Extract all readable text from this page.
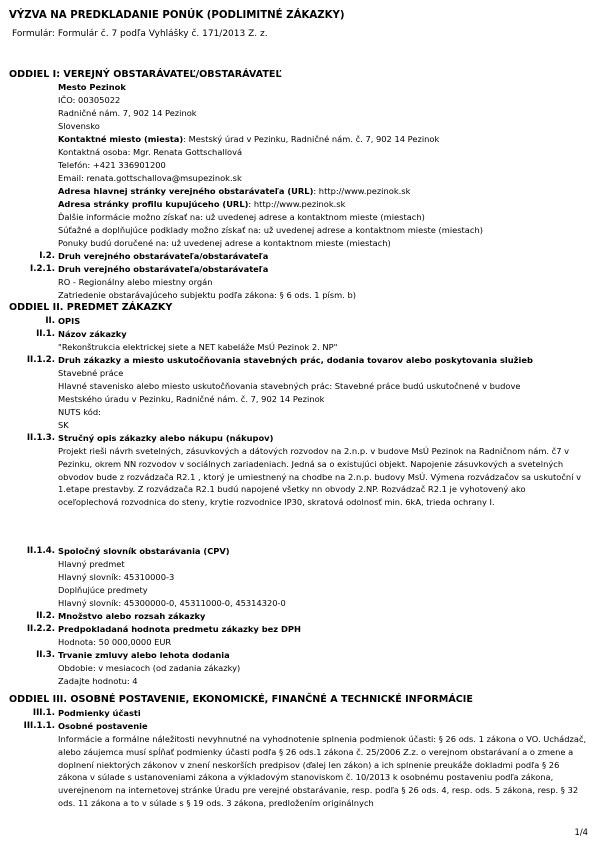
VÝZVA NA PREDKLADANIE PONÚK (PODLIMITNÉ ZÁKAZKY)
Formulár: Formulár č. 7 podľa Vyhlášky č. 171/2013 Z. z.
ODDIEL I: VEREJNÝ OBSTARÁVATEĽ/OBSTARÁVATEĽ
Mesto Pezinok
IČO: 00305022
Radničné nám. 7, 902 14 Pezinok
Slovensko
Kontaktné miesto (miesta): Mestský úrad v Pezinku, Radničné nám. č. 7, 902 14 Pezinok
Kontaktná osoba: Mgr. Renata Gottschallová
Telefón: +421 336901200
Email: renata.gottschallova@msupezinok.sk
Adresa hlavnej stránky verejného obstarávateľa (URL): http://www.pezinok.sk
Adresa stránky profilu kupujúceho (URL): http://www.pezinok.sk
Ďalšie informácie možno získať na: už uvedenej adrese a kontaktnom mieste (miestach)
Súťažné a doplňujúce podklady možno získať na: už uvedenej adrese a kontaktnom mieste (miestach)
Ponuky budú doručené na: už uvedenej adrese a kontaktnom mieste (miestach)
I.2. Druh verejného obstarávateľa/obstarávateľa
I.2.1. Druh verejného obstarávateľa/obstarávateľa
RO - Regionálny alebo miestny orgán
Zatriedenie obstarávajúceho subjektu podľa zákona: § 6 ods. 1 písm. b)
ODDIEL II. PREDMET ZÁKAZKY
II. OPIS
II.1. Názov zákazky
"Rekonštrukcia elektrickej siete a NET kabeláže MsÚ Pezinok 2. NP"
II.1.2. Druh zákazky a miesto uskutočňovania stavebných prác, dodania tovarov alebo poskytovania služieb
Stavebné práce
Hlavné stavenisko alebo miesto uskutočňovania stavebných prác: Stavebné práce budú uskutočnené v budove
Mestského úradu v Pezinku, Radničné nám. č. 7, 902 14 Pezinok
NUTS kód:
SK
II.1.3. Stručný opis zákazky alebo nákupu (nákupov)
Projekt rieši návrh svetelných, zásuvkových a dátových rozvodov na 2.n.p. v budove MsÚ Pezinok na Radničnom nám. č7 v Pezinku, okrem NN rozvodov v sociálnych zariadeniach. Jedná sa o existujúci objekt. Napojenie zásuvkových a svetelných obvodov bude z rozvádzača R2.1 , ktorý je umiestnený na chodbe na 2.n.p. budovy MsÚ. Výmena rozvádzačov sa uskutoční v 1.etape prestavby. Z rozvádzača R2.1 budú napojené všetky nn obvody 2.NP. Rozvádzač R2.1 je vyhotovený ako oceľoplechová rozvodnica do steny, krytie rozvodnice IP30, skratová odolnosť min. 6kA, trieda ochrany I.
II.1.4. Spoločný slovník obstarávania (CPV)
Hlavný predmet
Hlavný slovník: 45310000-3
Doplňujúce predmety
Hlavný slovník: 45300000-0, 45311000-0, 45314320-0
II.2. Množstvo alebo rozsah zákazky
II.2.2. Predpokladaná hodnota predmetu zákazky bez DPH
Hodnota: 50 000,0000 EUR
II.3. Trvanie zmluvy alebo lehota dodania
Obdobie: v mesiacoch (od zadania zákazky)
Zadajte hodnotu: 4
ODDIEL III. OSOBNÉ POSTAVENIE, EKONOMICKÉ, FINANČNÉ A TECHNICKÉ INFORMÁCIE
III.1. Podmienky účasti
III.1.1. Osobné postavenie
Informácie a formálne náležitosti nevyhnutné na vyhodnotenie splnenia podmienok účasti: § 26 ods. 1 zákona o VO. Uchádzač, alebo záujemca musí spĺňať podmienky účasti podľa § 26 ods.1 zákona č. 25/2006 Z.z. o verejnom obstarávaní a o zmene a doplnení niektorých zákonov v znení neskorších predpisov (ďalej len zákon) a ich splnenie preukáže dokladmi podľa § 26 zákona v súlade s ustanoveniami zákona a výkladovým stanoviskom č. 10/2013 k osobnému postaveniu podľa zákona, uverejnenom na internetovej stránke Úradu pre verejné obstarávanie, resp. podľa § 26 ods. 4, resp. ods. 5 zákona, resp. § 32 ods. 11 zákona a to v súlade s § 19 ods. 3 zákona, predložením originálnych
1/4
